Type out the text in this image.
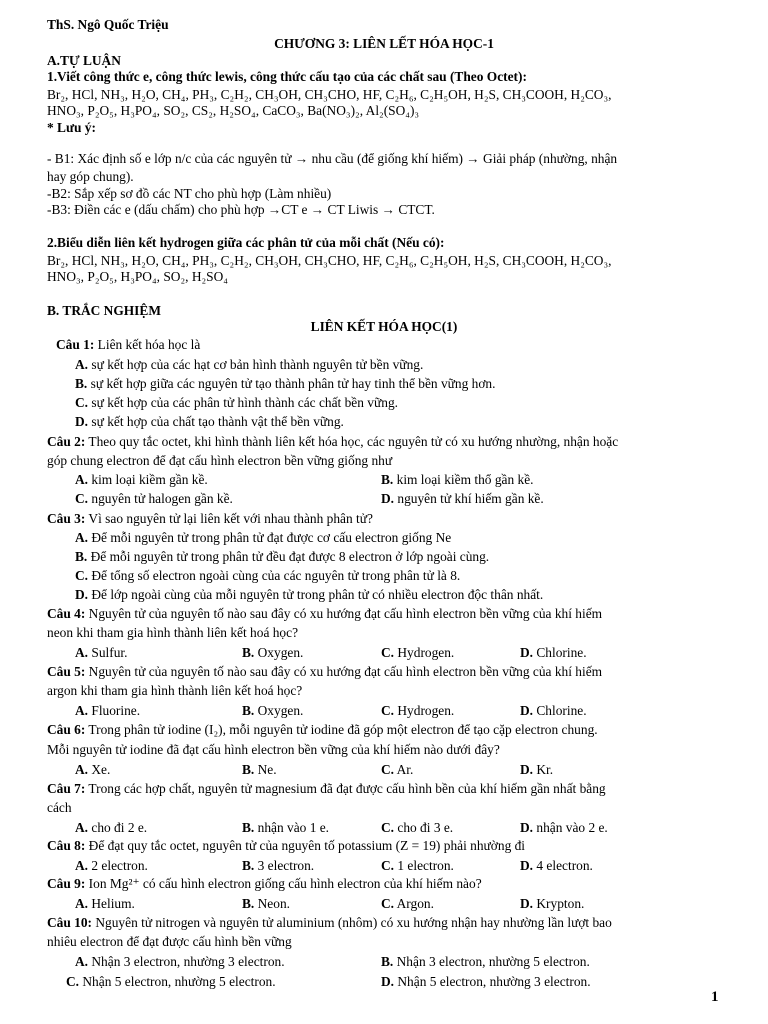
ThS. Ngô Quốc Triệu
CHƯƠNG 3: LIÊN LẾT HÓA HỌC-1
A.TỰ LUẬN
1.Viết công thức e, công thức lewis, công thức cấu tạo của các chất sau (Theo Octet):
Br₂, HCl, NH₃, H₂O, CH₄, PH₃, C₂H₂, CH₃OH, CH₃CHO, HF, C₂H₆, C₂H₅OH, H₂S, CH₃COOH, H₂CO₃,
HNO₃, P₂O₅, H₃PO₄, SO₂, CS₂, H₂SO₄, CaCO₃, Ba(NO₃)₂, Al₂(SO₄)₃
* Lưu ý:
- B1: Xác định số e lớp n/c của các nguyên tử → nhu cầu (để giống khí hiếm) → Giải pháp (nhường, nhận
hay góp chung).
-B2: Sắp xếp sơ đồ các NT cho phù hợp (Làm nhiều)
-B3: Điền các e (dấu chấm) cho phù hợp →CT e → CT Liwis → CTCT.
2.Biểu diễn liên kết hydrogen giữa các phân tử của mỗi chất (Nếu có):
Br₂, HCl, NH₃, H₂O, CH₄, PH₃, C₂H₂, CH₃OH, CH₃CHO, HF, C₂H₆, C₂H₅OH, H₂S, CH₃COOH, H₂CO₃,
HNO₃, P₂O₅, H₃PO₄, SO₂, H₂SO₄
B. TRẮC NGHIỆM
LIÊN KẾT HÓA HỌC(1)
Câu 1: Liên kết hóa học là
A. sự kết hợp của các hạt cơ bản hình thành nguyên tử bền vững.
B. sự kết hợp giữa các nguyên tử tạo thành phân tử hay tinh thể bền vững hơn.
C. sự kết hợp của các phân tử hình thành các chất bền vững.
D. sự kết hợp của chất tạo thành vật thể bền vững.
Câu 2: Theo quy tắc octet, khi hình thành liên kết hóa học, các nguyên tử có xu hướng nhường, nhận hoặc
góp chung electron để đạt cấu hình electron bền vững giống như
A. kim loại kiềm gần kề.	B. kim loại kiềm thổ gần kề.
C. nguyên tử halogen gần kề.	D. nguyên tử khí hiếm gần kề.
Câu 3: Vì sao nguyên tử lại liên kết với nhau thành phân tử?
A. Để mỗi nguyên tử trong phân tử đạt được cơ cấu electron giống Ne
B. Để mỗi nguyên tử trong phân tử đều đạt được 8 electron ở lớp ngoài cùng.
C. Để tổng số electron ngoài cùng của các nguyên tử trong phân tử là 8.
D. Để lớp ngoài cùng của mỗi nguyên tử trong phân tử có nhiều electron độc thân nhất.
Câu 4: Nguyên tử của nguyên tố nào sau đây có xu hướng đạt cấu hình electron bền vững của khí hiếm
neon khi tham gia hình thành liên kết hoá học?
A. Sulfur.	B. Oxygen.	C. Hydrogen.	D. Chlorine.
Câu 5: Nguyên tử của nguyên tố nào sau đây có xu hướng đạt cấu hình electron bền vững của khí hiếm
argon khi tham gia hình thành liên kết hoá học?
A. Fluorine.	B. Oxygen.	C. Hydrogen.	D. Chlorine.
Câu 6: Trong phân tử iodine (I₂), mỗi nguyên tử iodine đã góp một electron để tạo cặp electron chung.
Mỗi nguyên tử iodine đã đạt cấu hình electron bền vững của khí hiếm nào dưới đây?
A. Xe.	B. Ne.	C. Ar.	D. Kr.
Câu 7: Trong các hợp chất, nguyên tử magnesium đã đạt được cấu hình bền của khí hiếm gần nhất bằng
cách
A. cho đi 2 e.	B. nhận vào 1 e.	C. cho đi 3 e.	D. nhận vào 2 e.
Câu 8: Để đạt quy tắc octet, nguyên tử của nguyên tố potassium (Z = 19) phải nhường đi
A. 2 electron.	B. 3 electron.	C. 1 electron.	D. 4 electron.
Câu 9: Ion Mg²⁺ có cấu hình electron giống cấu hình electron của khí hiếm nào?
A. Helium.	B. Neon.	C. Argon.	D. Krypton.
Câu 10: Nguyên tử nitrogen và nguyên tử aluminium (nhôm) có xu hướng nhận hay nhường lần lượt bao
nhiêu electron để đạt được cấu hình bền vững
A. Nhận 3 electron, nhường 3 electron.	B. Nhận 3 electron, nhường 5 electron.
C. Nhận 5 electron, nhường 5 electron.	D. Nhận 5 electron, nhường 3 electron.
1
